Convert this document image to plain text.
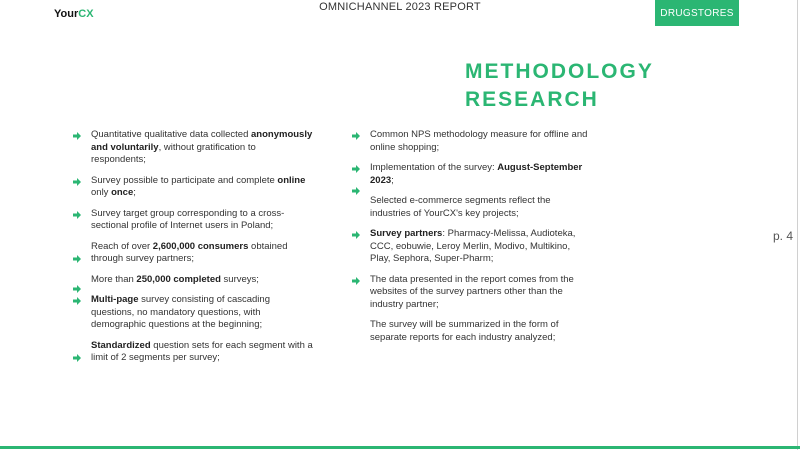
YourCX
OMNICHANNEL 2023 REPORT	DRUGSTORES
METHODOLOGY
RESEARCH
p. 4
Quantitative qualitative data collected anonymously and voluntarily, without gratification to respondents;
Survey possible to participate and complete online only once;
Survey target group corresponding to a cross-sectional profile of Internet users in Poland;
Reach of over 2,600,000 consumers obtained through survey partners;
More than 250,000 completed surveys;
Multi-page survey consisting of cascading questions, no mandatory questions, with demographic questions at the beginning;
Standardized question sets for each segment with a limit of 2 segments per survey;
Common NPS methodology measure for offline and online shopping;
Implementation of the survey: August-September 2023;
Selected e-commerce segments reflect the industries of YourCX's key projects;
Survey partners: Pharmacy-Melissa, Audioteka, CCC, eobuwie, Leroy Merlin, Modivo, Multikino, Play, Sephora, Super-Pharm;
The data presented in the report comes from the websites of the survey partners other than the industry partner;
The survey will be summarized in the form of separate reports for each industry analyzed;
